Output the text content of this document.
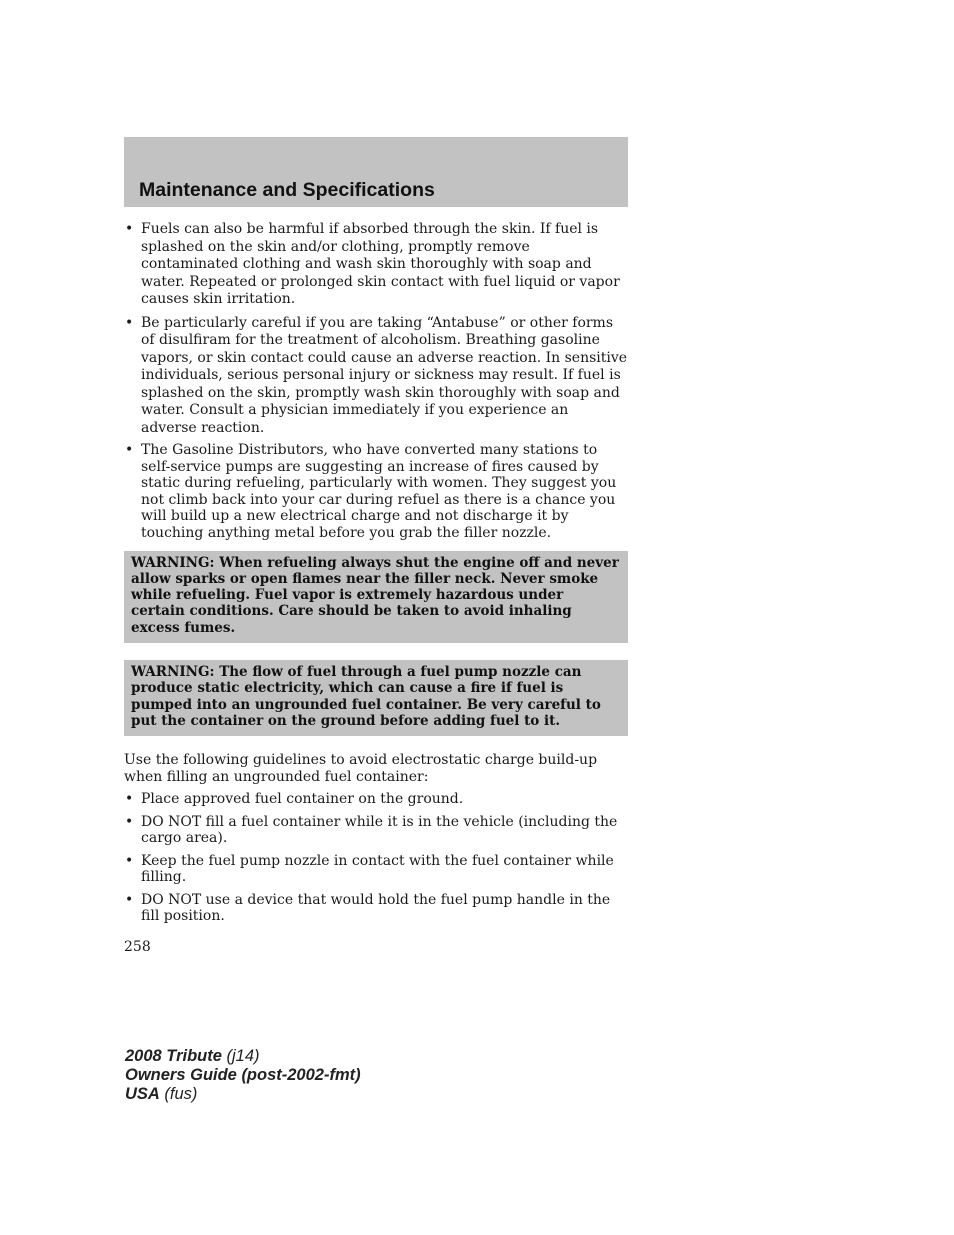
Maintenance and Specifications
• Fuels can also be harmful if absorbed through the skin. If fuel is splashed on the skin and/or clothing, promptly remove contaminated clothing and wash skin thoroughly with soap and water. Repeated or prolonged skin contact with fuel liquid or vapor causes skin irritation.
• Be particularly careful if you are taking “Antabuse” or other forms of disulfiram for the treatment of alcoholism. Breathing gasoline vapors, or skin contact could cause an adverse reaction. In sensitive individuals, serious personal injury or sickness may result. If fuel is splashed on the skin, promptly wash skin thoroughly with soap and water. Consult a physician immediately if you experience an adverse reaction.
• The Gasoline Distributors, who have converted many stations to self-service pumps are suggesting an increase of fires caused by static during refueling, particularly with women. They suggest you not climb back into your car during refuel as there is a chance you will build up a new electrical charge and not discharge it by touching anything metal before you grab the filler nozzle.
WARNING: When refueling always shut the engine off and never allow sparks or open flames near the filler neck. Never smoke while refueling. Fuel vapor is extremely hazardous under certain conditions. Care should be taken to avoid inhaling excess fumes.
WARNING: The flow of fuel through a fuel pump nozzle can produce static electricity, which can cause a fire if fuel is pumped into an ungrounded fuel container. Be very careful to put the container on the ground before adding fuel to it.

Use the following guidelines to avoid electrostatic charge build-up when filling an ungrounded fuel container:

• Place approved fuel container on the ground.
• DO NOT fill a fuel container while it is in the vehicle (including the cargo area).
• Keep the fuel pump nozzle in contact with the fuel container while filling.
• DO NOT use a device that would hold the fuel pump handle in the fill position.
258
2008 Tribute (j14)
Owners Guide (post-2002-fmt)
USA (fus)
